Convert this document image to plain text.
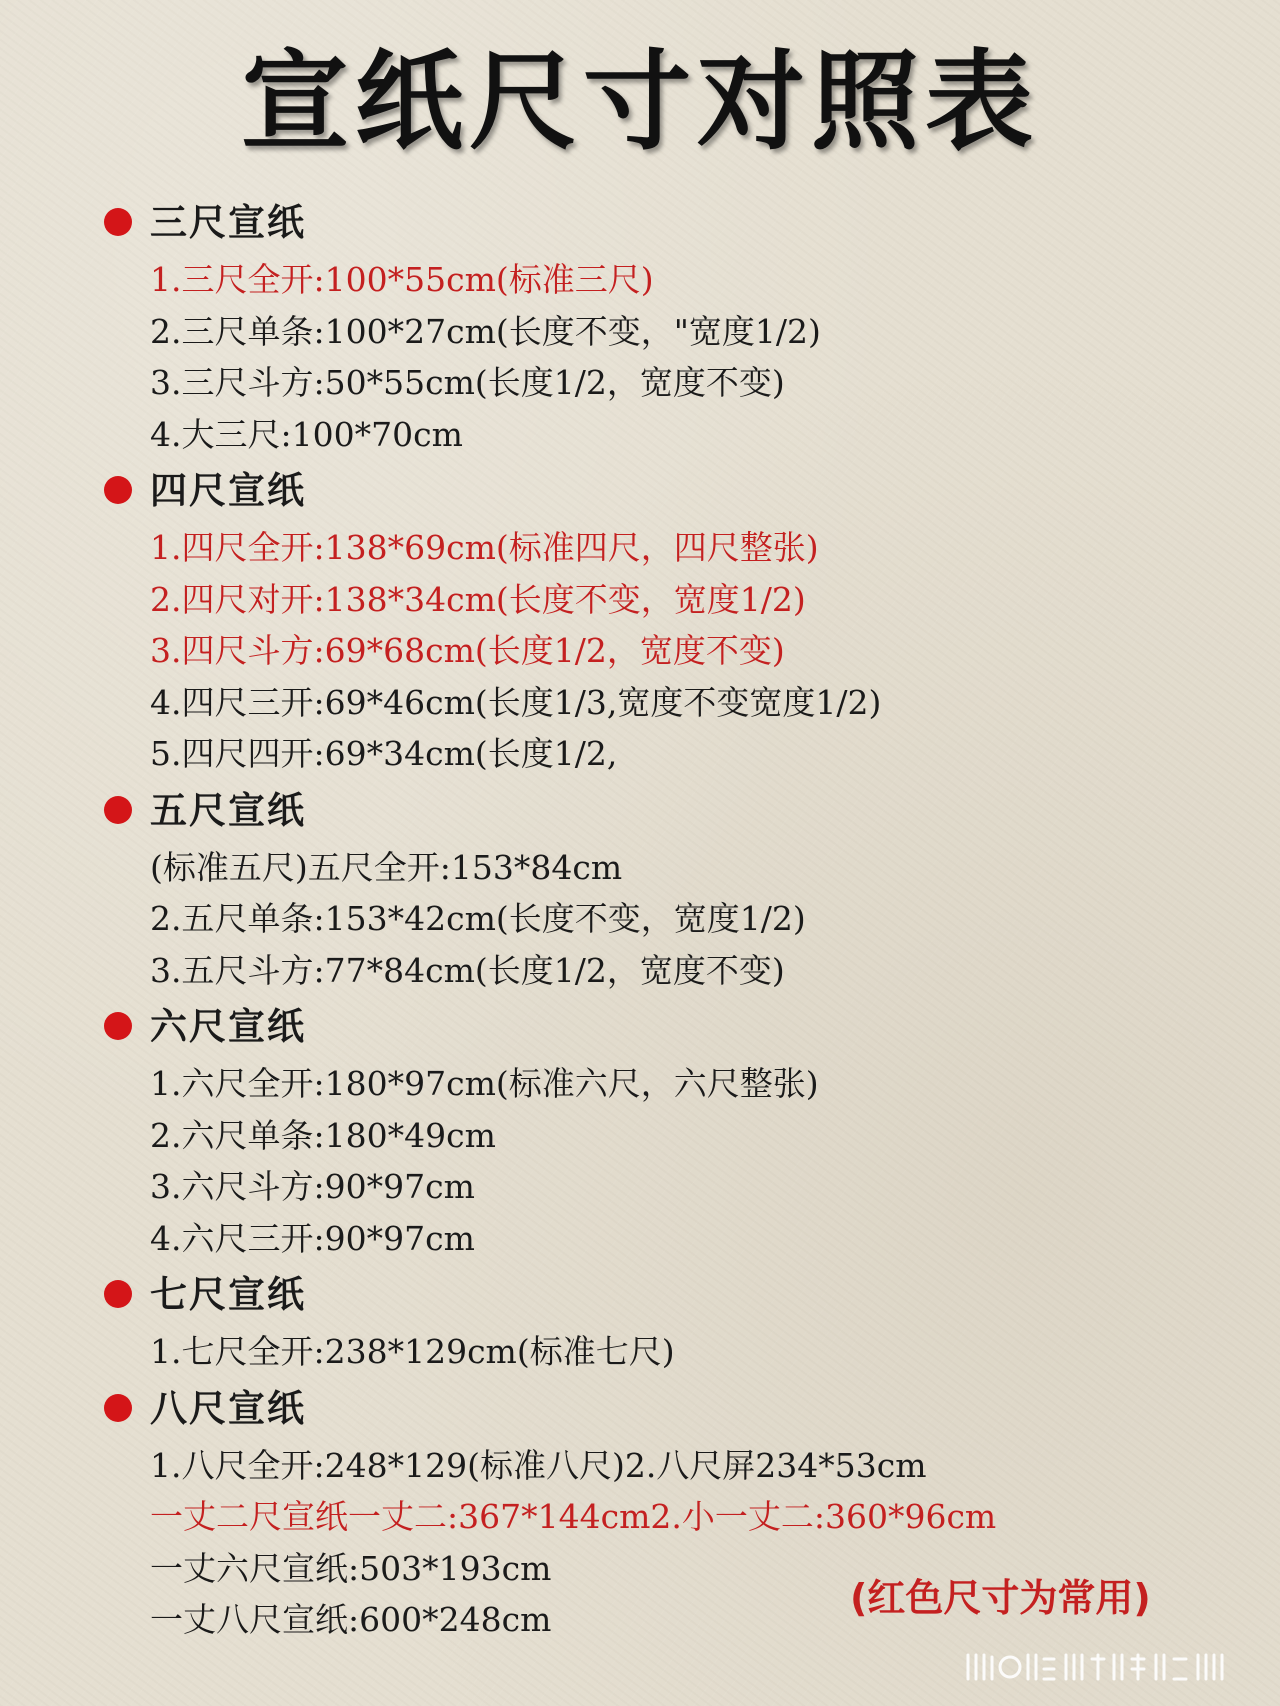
宣纸尺寸对照表
三尺宣纸
1.三尺全开:100*55cm(标准三尺)
2.三尺单条:100*27cm(长度不变，"宽度1/2)
3.三尺斗方:50*55cm(长度1/2，宽度不变)
4.大三尺:100*70cm
四尺宣纸
1.四尺全开:138*69cm(标准四尺，四尺整张)
2.四尺对开:138*34cm(长度不变，宽度1/2)
3.四尺斗方:69*68cm(长度1/2，宽度不变)
4.四尺三开:69*46cm(长度1/3,宽度不变宽度1/2)
5.四尺四开:69*34cm(长度1/2,
五尺宣纸
(标准五尺)五尺全开:153*84cm
2.五尺单条:153*42cm(长度不变，宽度1/2)
3.五尺斗方:77*84cm(长度1/2，宽度不变)
六尺宣纸
1.六尺全开:180*97cm(标准六尺，六尺整张)
2.六尺单条:180*49cm
3.六尺斗方:90*97cm
4.六尺三开:90*97cm
七尺宣纸
1.七尺全开:238*129cm(标准七尺)
八尺宣纸
1.八尺全开:248*129(标准八尺)2.八尺屏234*53cm
一丈二尺宣纸一丈二:367*144cm2.小一丈二:360*96cm
一丈六尺宣纸:503*193cm
一丈八尺宣纸:600*248cm	(红色尺寸为常用)
